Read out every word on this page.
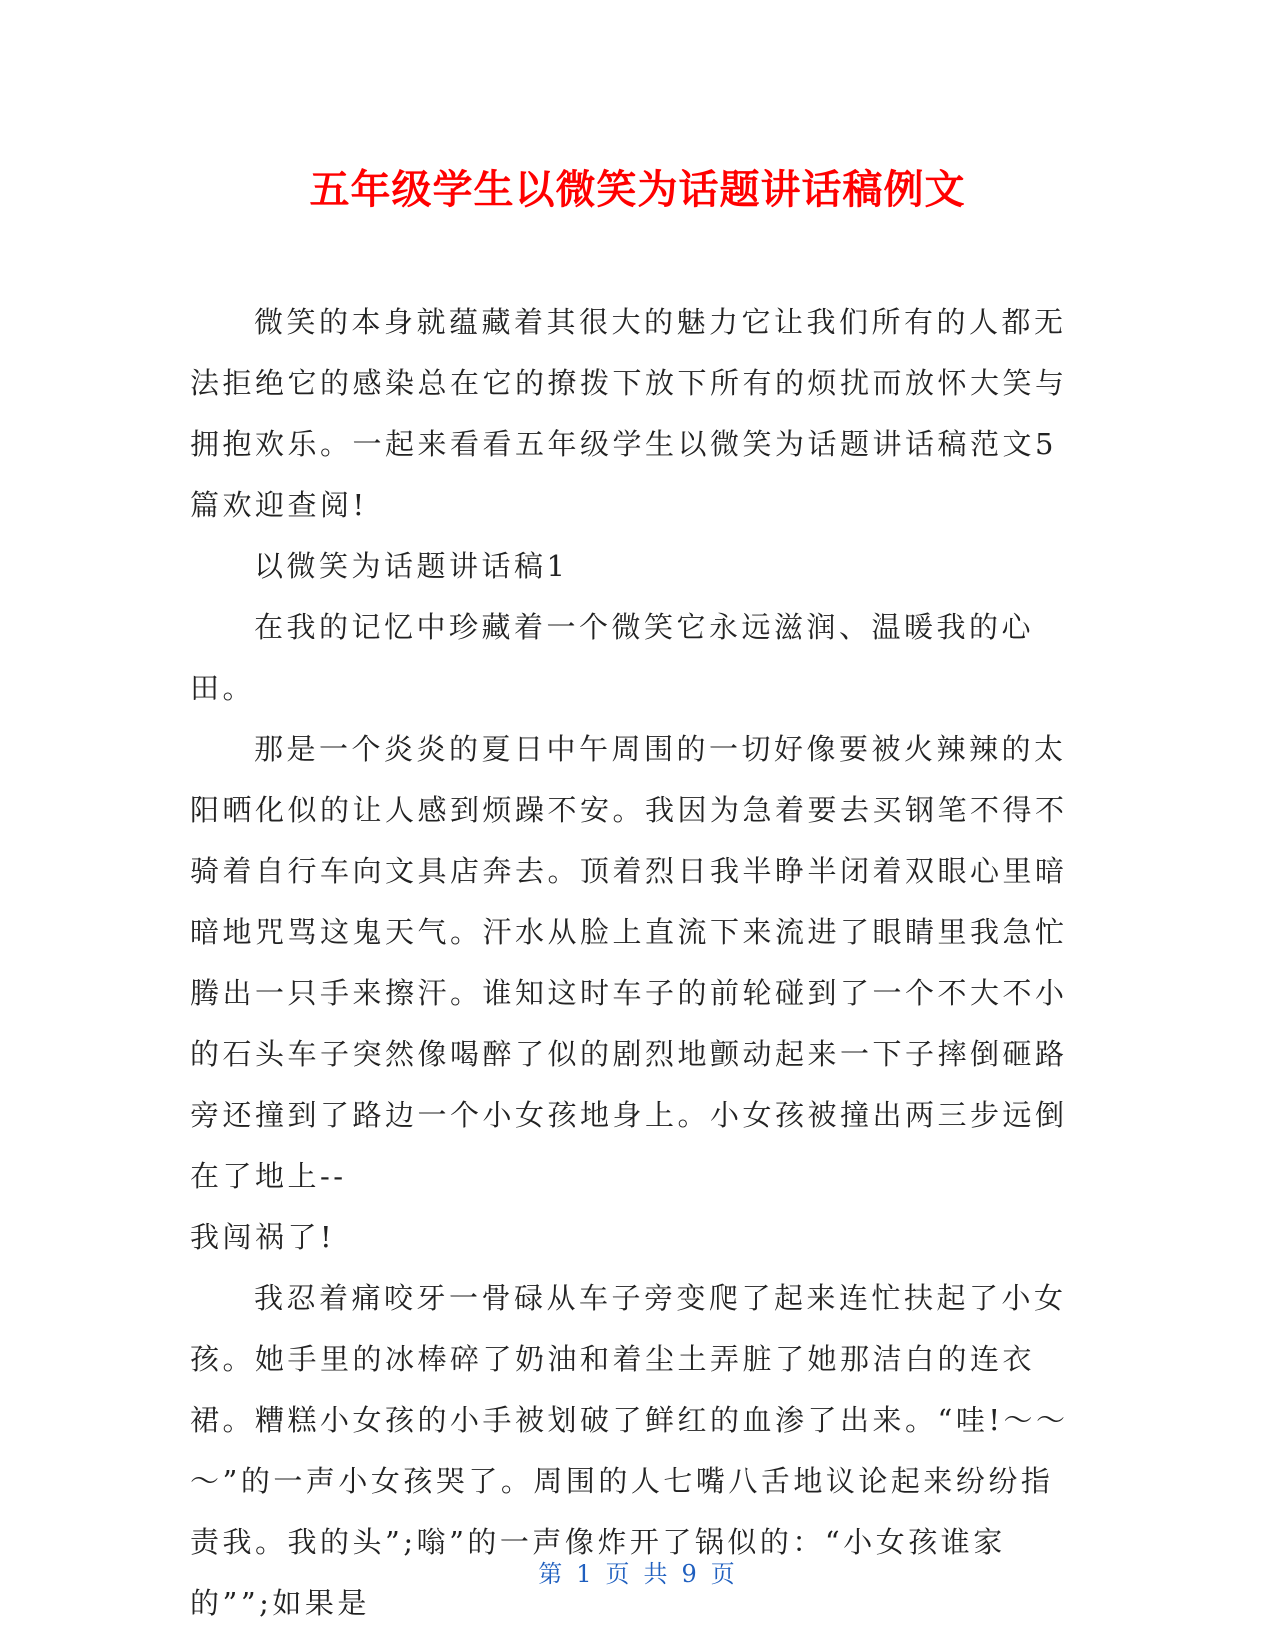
五年级学生以微笑为话题讲话稿例文

微笑的本身就蕴藏着其很大的魅力它让我们所有的人都无法拒绝它的感染总在它的撩拨下放下所有的烦扰而放怀大笑与拥抱欢乐。一起来看看五年级学生以微笑为话题讲话稿范文5篇欢迎查阅!

以微笑为话题讲话稿1

在我的记忆中珍藏着一个微笑它永远滋润、温暖我的心田。

那是一个炎炎的夏日中午周围的一切好像要被火辣辣的太阳晒化似的让人感到烦躁不安。我因为急着要去买钢笔不得不骑着自行车向文具店奔去。顶着烈日我半睁半闭着双眼心里暗暗地咒骂这鬼天气。汗水从脸上直流下来流进了眼睛里我急忙腾出一只手来擦汗。谁知这时车子的前轮碰到了一个不大不小的石头车子突然像喝醉了似的剧烈地颤动起来一下子摔倒砸路旁还撞到了路边一个小女孩地身上。小女孩被撞出两三步远倒在了地上--

我闯祸了!

我忍着痛咬牙一骨碌从车子旁变爬了起来连忙扶起了小女孩。她手里的冰棒碎了奶油和着尘土弄脏了她那洁白的连衣裙。糟糕小女孩的小手被划破了鲜红的血渗了出来。“哇!～～～”的一声小女孩哭了。周围的人七嘴八舌地议论起来纷纷指责我。我的头”;嗡”的一声像炸开了锅似的：“小女孩谁家的””;如果是

第 1 页 共 9 页
